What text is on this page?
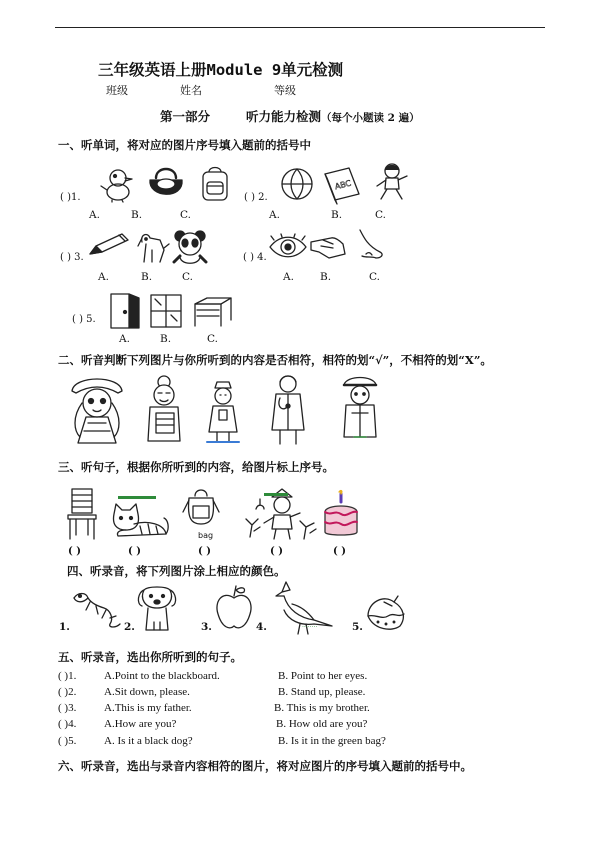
三年级英语上册Module 9单元检测
班级	姓名	等级
第一部分	听力能力检测（每个小题读 2 遍）
一、听单词，将对应的图片序号填入题前的括号中
( )1.
A.	B.	C.
( ) 2.
ABC
A.	B.	C.
( ) 3.
A.	B.	C.
( ) 4.
A. B.	C.
( ) 5.
A.	B.	C.
二、听音判断下列图片与你所听到的内容是否相符，相符的划“√”，不相符的划“X”。
三、听句子，根据你所听到的内容，给图片标上序号。
bag
( )	( )	( )	( )	( )
四、听录音，将下列图片涂上相应的颜色。
1.	2.	3.	........
4.	5.
五、听录音，选出你所听到的句子。
( )1.	A.Point to the blackboard.	B. Point to her eyes.
( )2.	A.Sit down, please.	B. Stand up, please.
( )3.	A.This is my father.	B. This is my brother.
( )4.	A.How are you?	B. How old are you?
( )5.	A. Is it a black dog?	B. Is it in the green bag?
六、听录音，选出与录音内容相符的图片，将对应图片的序号填入题前的括号中。
